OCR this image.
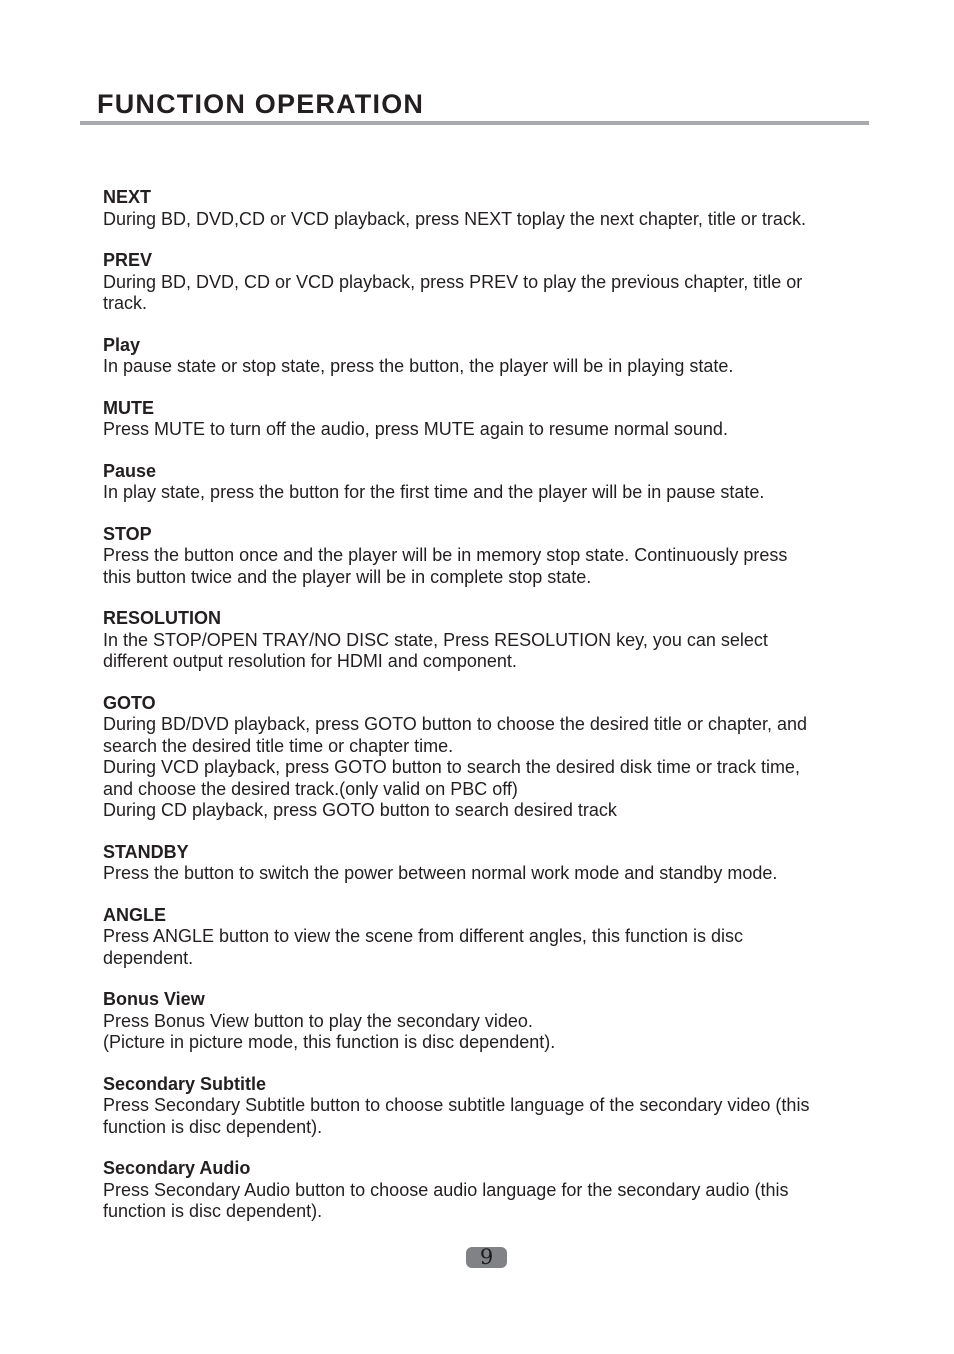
FUNCTION OPERATION
NEXT
During BD, DVD,CD or VCD playback, press NEXT toplay the next chapter, title or track.
PREV
During BD, DVD, CD or VCD playback, press PREV to play the previous chapter, title or
track.
Play
In pause state or stop state, press the button, the player will be in playing state.
MUTE
Press MUTE to turn off the audio, press MUTE again to resume normal sound.
Pause
In play state, press the button for the first time and the player will be in pause state.
STOP
Press the button once and the player will be in memory stop state. Continuously press
this button twice and the player will be in complete stop state.
RESOLUTION
In the STOP/OPEN TRAY/NO DISC state, Press RESOLUTION key, you can select
different output resolution for HDMI and component.
GOTO
During BD/DVD playback, press GOTO button to choose the desired title or chapter, and
search the desired title time or chapter time.
During VCD playback, press GOTO button to search the desired disk time or track time,
and choose the desired track.(only valid on PBC off)
During CD playback, press GOTO button to search desired track
STANDBY
Press the button to switch the power between normal work mode and standby mode.
ANGLE
Press ANGLE button to view the scene from different angles, this function is disc
dependent.
Bonus View
Press Bonus View button to play the secondary video.
(Picture in picture mode, this function is disc dependent).
Secondary Subtitle
Press Secondary Subtitle button to choose subtitle language of the secondary video (this
function is disc dependent).
Secondary Audio
Press Secondary Audio button to choose audio language for the secondary audio (this
function is disc dependent).
9
